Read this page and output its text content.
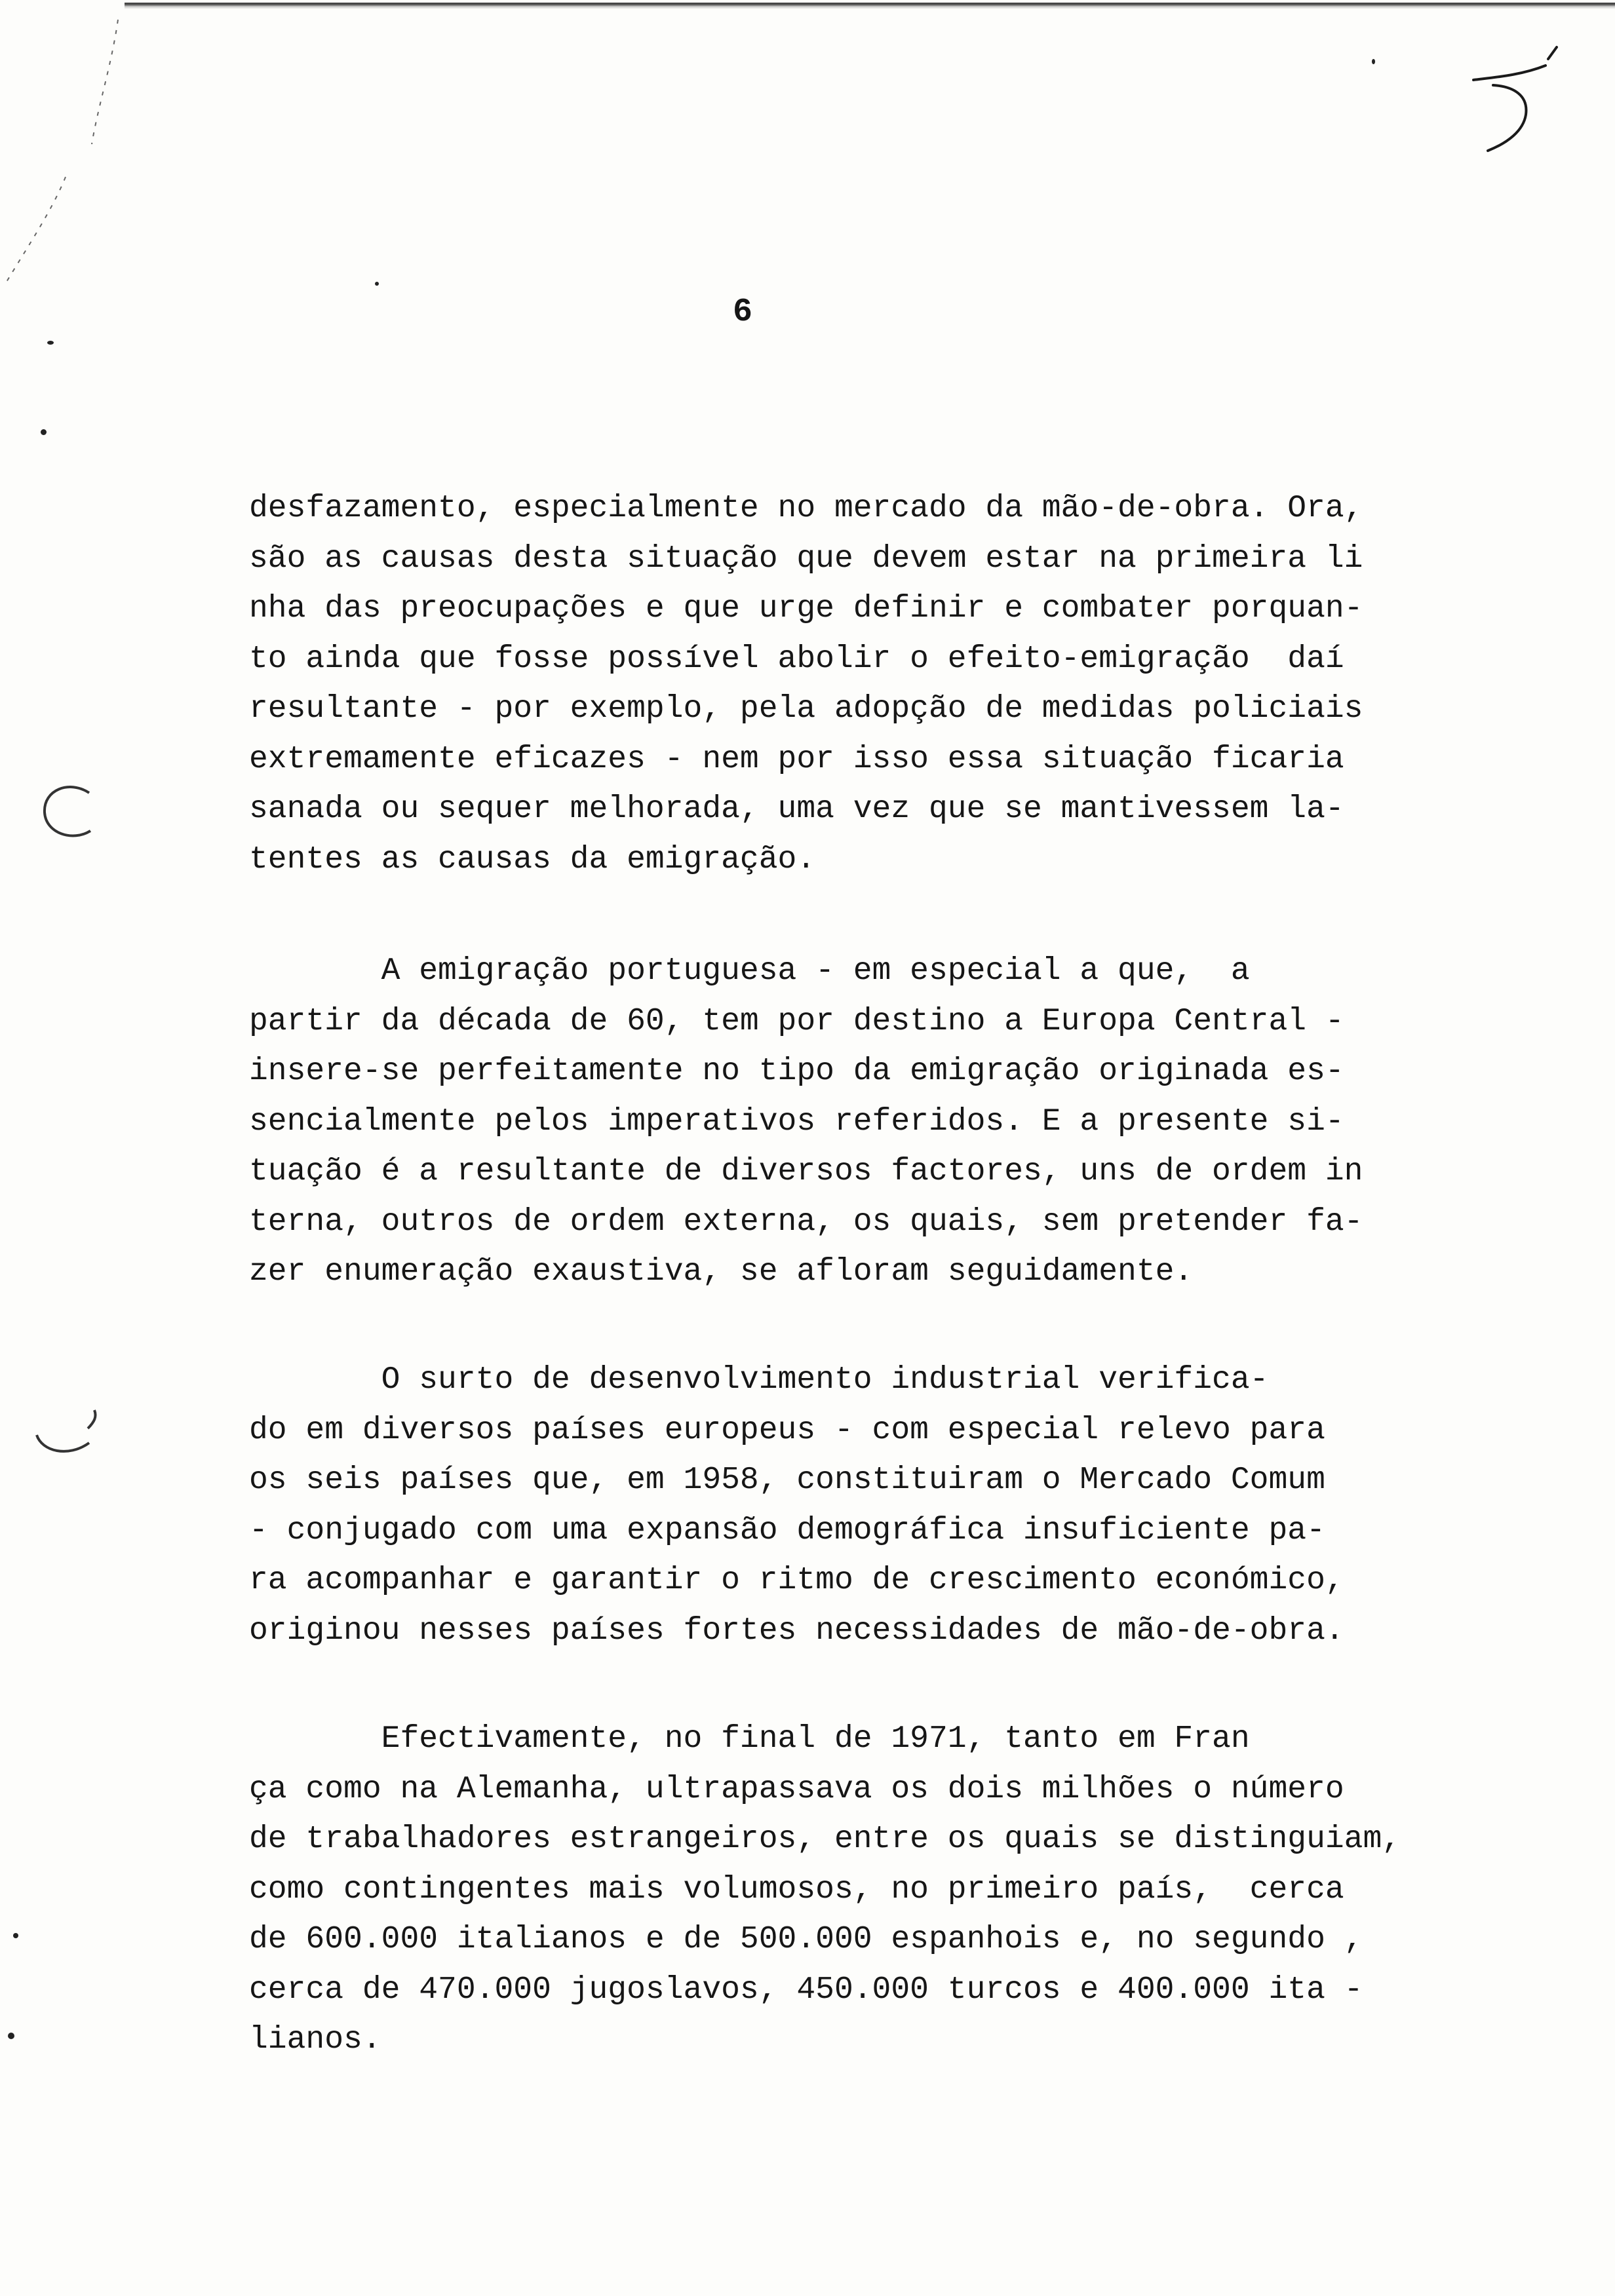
6
desfazamento, especialmente no mercado da mão-de-obra. Ora,
são as causas desta situação que devem estar na primeira li
nha das preocupações e que urge definir e combater porquan-
to ainda que fosse possível abolir o efeito-emigração  daí
resultante - por exemplo, pela adopção de medidas policiais
extremamente eficazes - nem por isso essa situação ficaria
sanada ou sequer melhorada, uma vez que se mantivessem la-
tentes as causas da emigração.
A emigração portuguesa - em especial a que,  a
partir da década de 60, tem por destino a Europa Central -
insere-se perfeitamente no tipo da emigração originada es-
sencialmente pelos imperativos referidos. E a presente si-
tuação é a resultante de diversos factores, uns de ordem in
terna, outros de ordem externa, os quais, sem pretender fa-
zer enumeração exaustiva, se afloram seguidamente.
O surto de desenvolvimento industrial verifica-
do em diversos países europeus - com especial relevo para
os seis países que, em 1958, constituiram o Mercado Comum
- conjugado com uma expansão demográfica insuficiente pa-
ra acompanhar e garantir o ritmo de crescimento económico,
originou nesses países fortes necessidades de mão-de-obra.
Efectivamente, no final de 1971, tanto em Fran
ça como na Alemanha, ultrapassava os dois milhões o número
de trabalhadores estrangeiros, entre os quais se distinguiam,
como contingentes mais volumosos, no primeiro país,  cerca
de 600.000 italianos e de 500.000 espanhois e, no segundo ,
cerca de 470.000 jugoslavos, 450.000 turcos e 400.000 ita -
lianos.
